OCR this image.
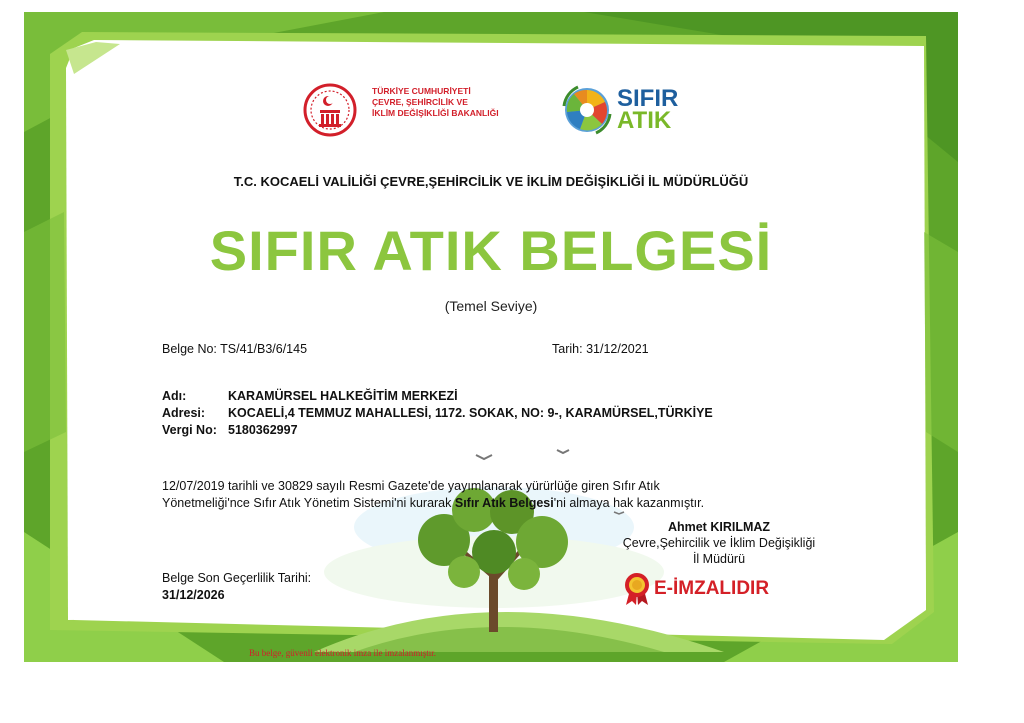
TÜRKİYE CUMHURİYETİ
ÇEVRE, ŞEHİRCİLİK VE
İKLİM DEĞİŞİKLİĞİ BAKANLIĞI
SIFIR
ATIK
T.C. KOCAELİ VALİLİĞİ ÇEVRE,ŞEHİRCİLİK VE İKLİM DEĞİŞİKLİĞİ İL MÜDÜRLÜĞÜ
SIFIR ATIK BELGESİ
(Temel Seviye)
Belge No: TS/41/B3/6/145	Tarih: 31/12/2021
Adı:	KARAMÜRSEL HALKEĞİTİM MERKEZİ
Adresi: KOCAELİ,4 TEMMUZ MAHALLESİ, 1172. SOKAK, NO: 9-, KARAMÜRSEL,TÜRKİYE
Vergi No: 5180362997
12/07/2019 tarihli ve 30829 sayılı Resmi Gazete'de yayımlanarak yürürlüğe giren Sıfır Atık
Yönetmeliği'nce Sıfır Atık Yönetim Sistemi'ni kurarak Sıfır Atık Belgesi'ni almaya hak kazanmıştır.
Ahmet KIRILMAZ
Çevre,Şehircilik ve İklim Değişikliği
İl Müdürü
Belge Son Geçerlilik Tarihi:
31/12/2026	E-İMZALIDIR
Bu belge, güvenli elektronik imza ile imzalanmıştır.
